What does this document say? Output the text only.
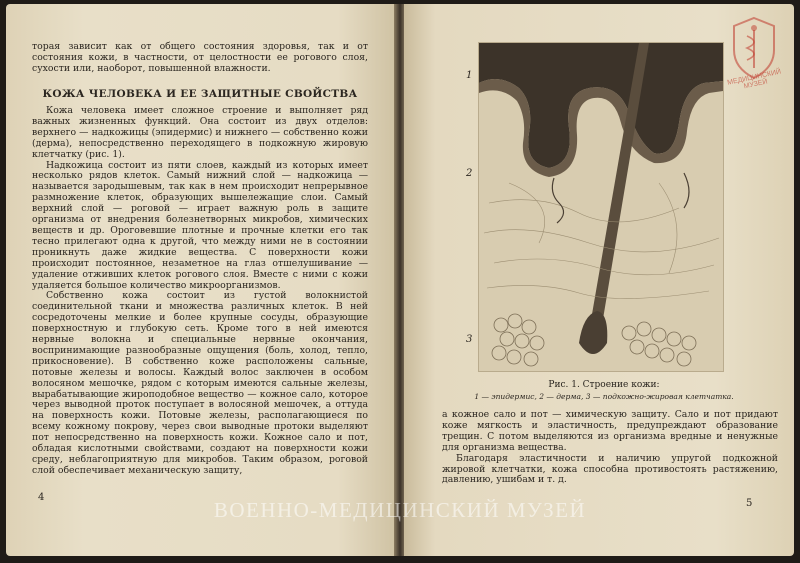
торая зависит как от общего состояния здоровья, так и от состояния кожи, в частности, от целостности ее рогового слоя, сухости или, наоборот, повышенной влажности.

КОЖА ЧЕЛОВЕКА И ЕЕ ЗАЩИТНЫЕ СВОЙСТВА

Кожа человека имеет сложное строение и выполняет ряд важных жизненных функций. Она состоит из двух отделов: верхнего — надкожицы (эпидермис) и нижнего — собственно кожи (дерма), непосредственно переходящего в подкожную жировую клетчатку (рис. 1).

Надкожица состоит из пяти слоев, каждый из которых имеет несколько рядов клеток. Самый нижний слой — надкожица — называется зародышевым, так как в нем происходит непрерывное размножение клеток, образующих вышележащие слои. Самый верхний слой — роговой — играет важную роль в защите организма от внедрения болезнетворных микробов, химических веществ и др. Ороговевшие плотные и прочные клетки его так тесно прилегают одна к другой, что между ними не в состоянии проникнуть даже жидкие вещества. С поверхности кожи происходит постоянное, незаметное на глаз отшелушивание — удаление отживших клеток рогового слоя. Вместе с ними с кожи удаляется большое количество микроорганизмов.

Собственно кожа состоит из густой волокнистой соединительной ткани и множества различных клеток. В ней сосредоточены мелкие и более крупные сосуды, образующие поверхностную и глубокую сеть. Кроме того в ней имеются нервные волокна и специальные нервные окончания, воспринимающие разнообразные ощущения (боль, холод, тепло, прикосновение). В собственно коже расположены сальные, потовые железы и волосы. Каждый волос заключен в особом волосяном мешочке, рядом с которым имеются сальные железы, вырабатывающие жироподобное вещество — кожное сало, которое через выводной проток поступает в волосяной мешочек, а оттуда на поверхность кожи. Потовые железы, располагающиеся по всему кожному покрову, через свои выводные протоки выделяют пот непосредственно на поверхность кожи. Кожное сало и пот, обладая кислотными свойствами, создают на поверхности кожи среду, неблагоприятную для микробов. Таким образом, роговой слой обеспечивает механическую защиту,

4
1
2
3
Рис. 1. Строение кожи:
1 — эпидермис, 2 — дерма, 3 — подкожно-жировая клетчатка.

а кожное сало и пот — химическую защиту. Сало и пот придают коже мягкость и эластичность, предупреждают образование трещин. С потом выделяются из организма вредные и ненужные для организма вещества.

Благодаря эластичности и наличию упругой подкожной жировой клетчатки, кожа способна противостоять растяжению, давлению, ушибам и т. д.

5
МЕДИЦИНСКИЙ МУЗЕЙ
ВОЕННО-МЕДИЦИНСКИЙ МУЗЕЙ
